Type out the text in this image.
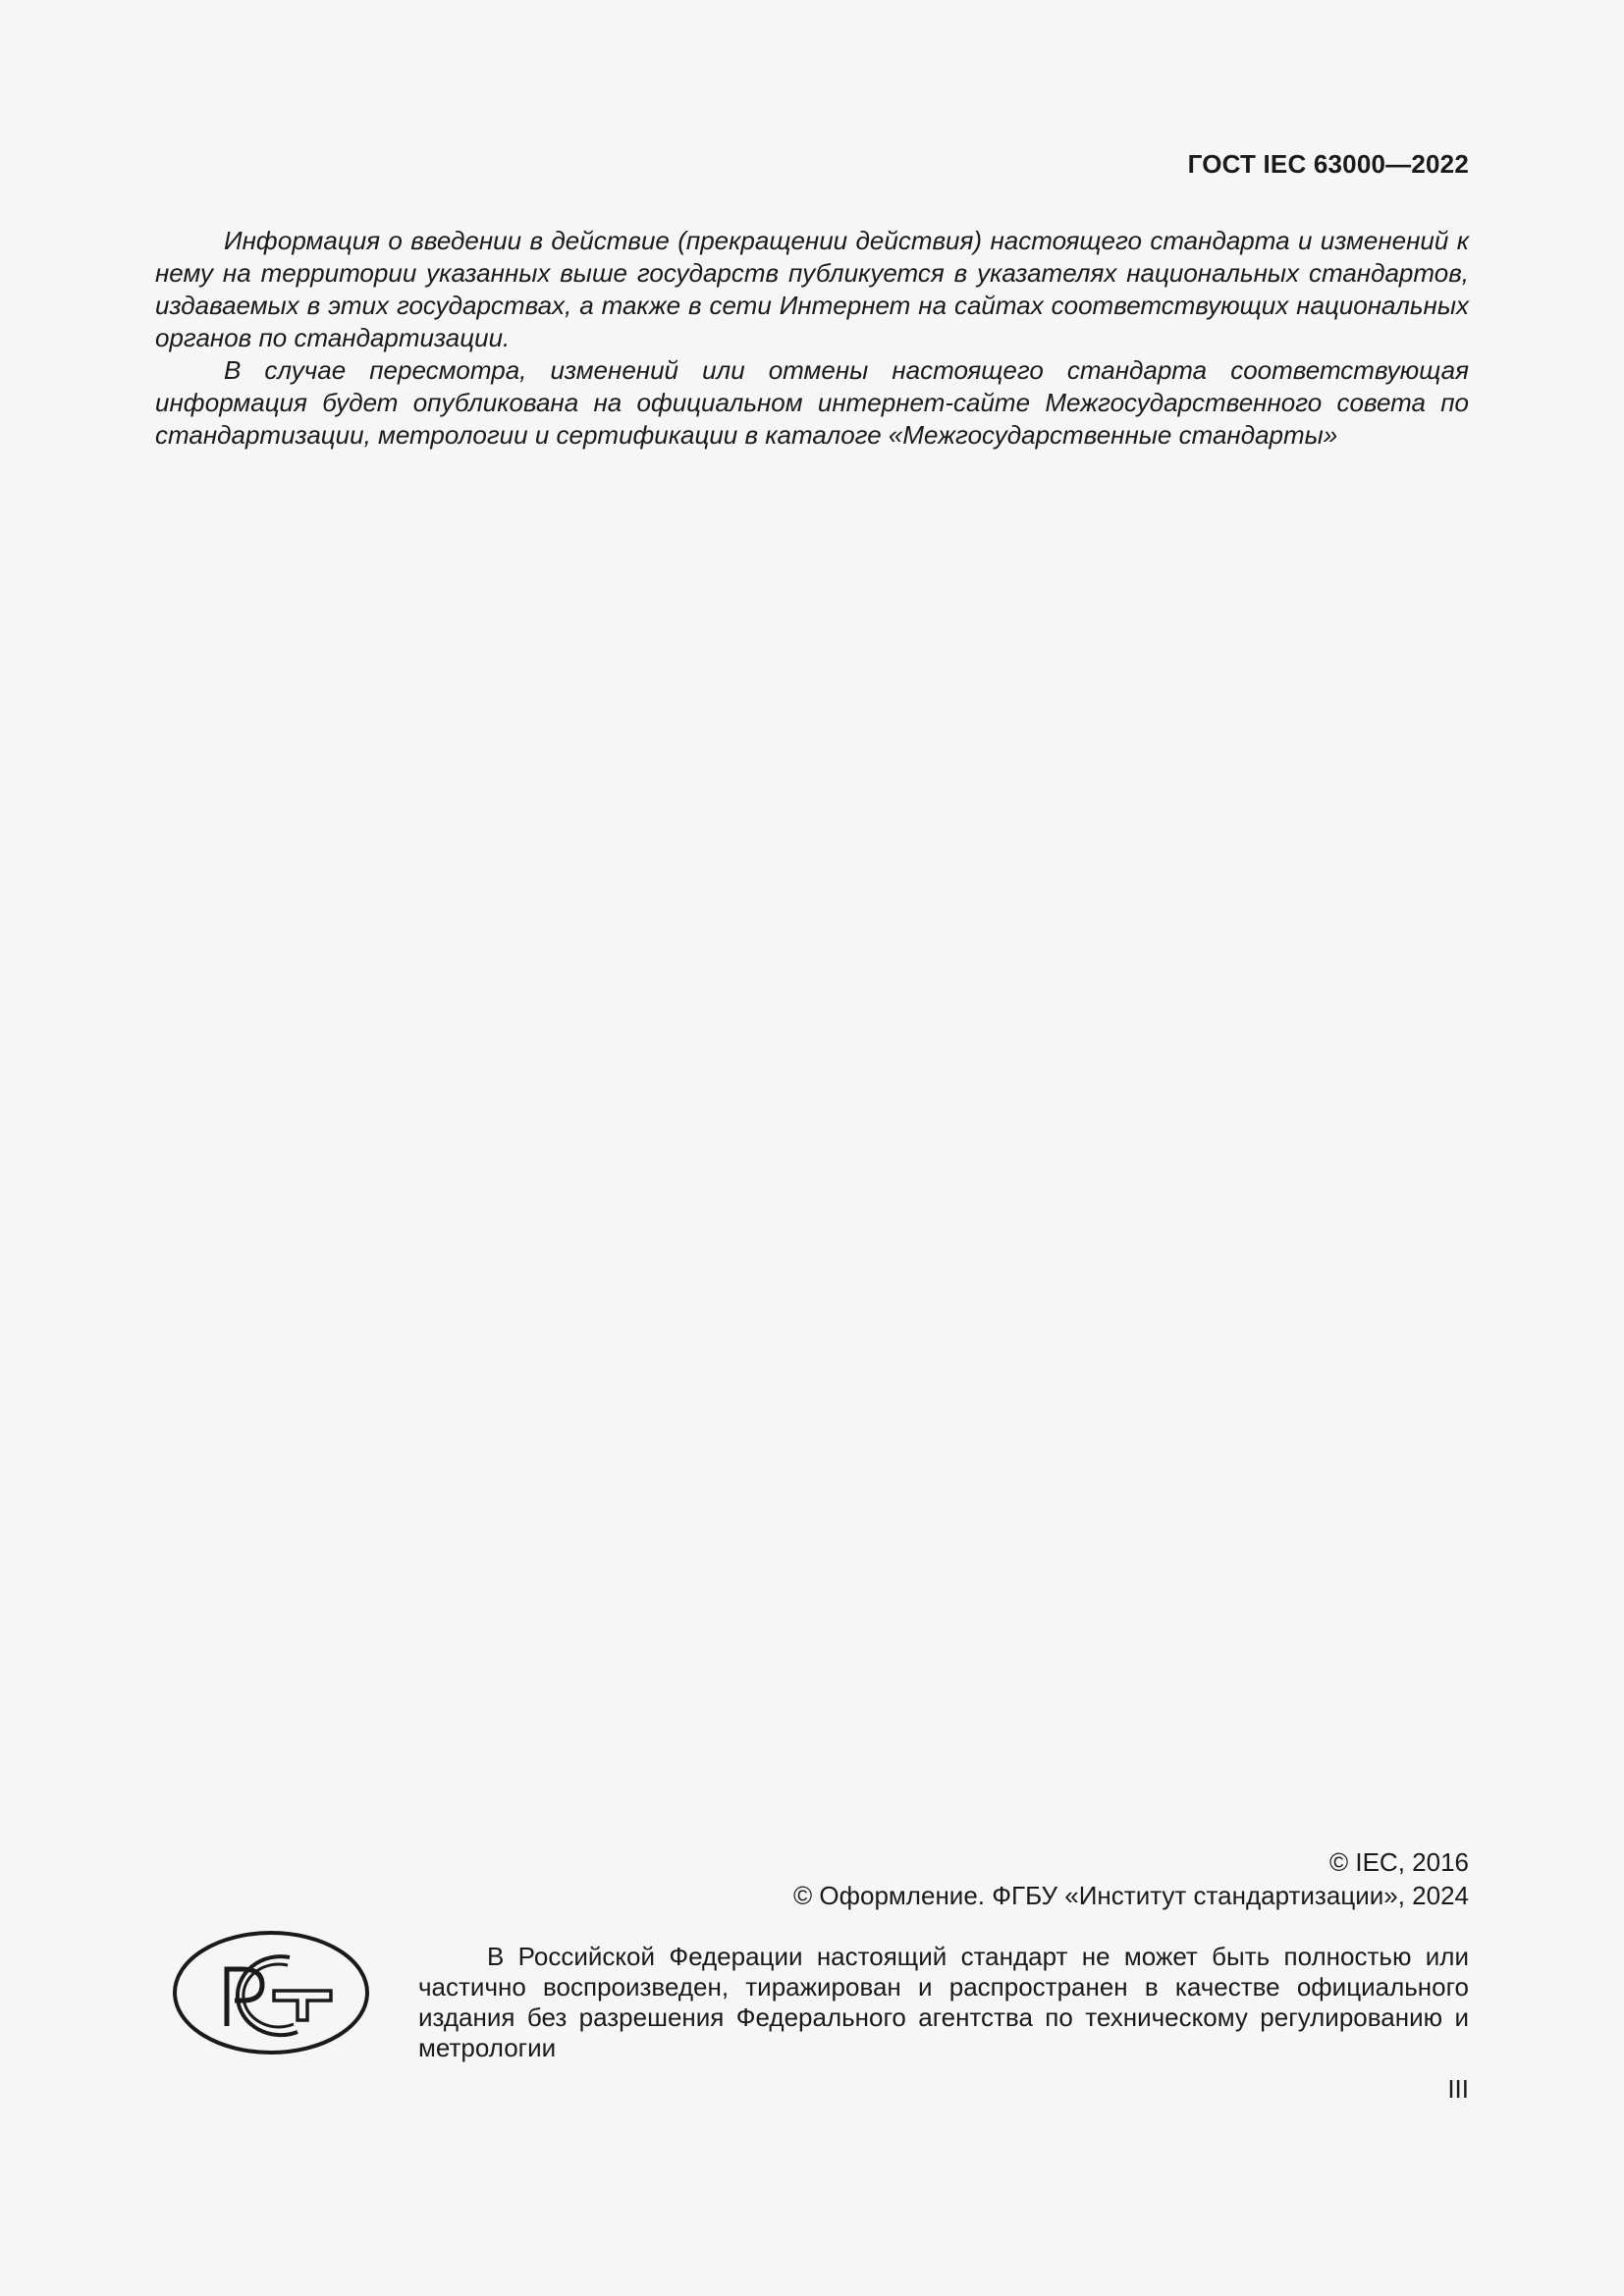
ГОСТ IEC 63000—2022

Информация о введении в действие (прекращении действия) настоящего стандарта и изменений к нему на территории указанных выше государств публикуется в указателях национальных стандартов, издаваемых в этих государствах, а также в сети Интернет на сайтах соответствующих национальных органов по стандартизации.

В случае пересмотра, изменений или отмены настоящего стандарта соответствующая информация будет опубликована на официальном интернет-сайте Межгосударственного совета по стандартизации, метрологии и сертификации в каталоге «Межгосударственные стандарты»

© IEC, 2016
© Оформление. ФГБУ «Институт стандартизации», 2024

В Российской Федерации настоящий стандарт не может быть полностью или частично воспроизведен, тиражирован и распространен в качестве официального издания без разрешения Федерального агентства по техническому регулированию и метрологии

III
